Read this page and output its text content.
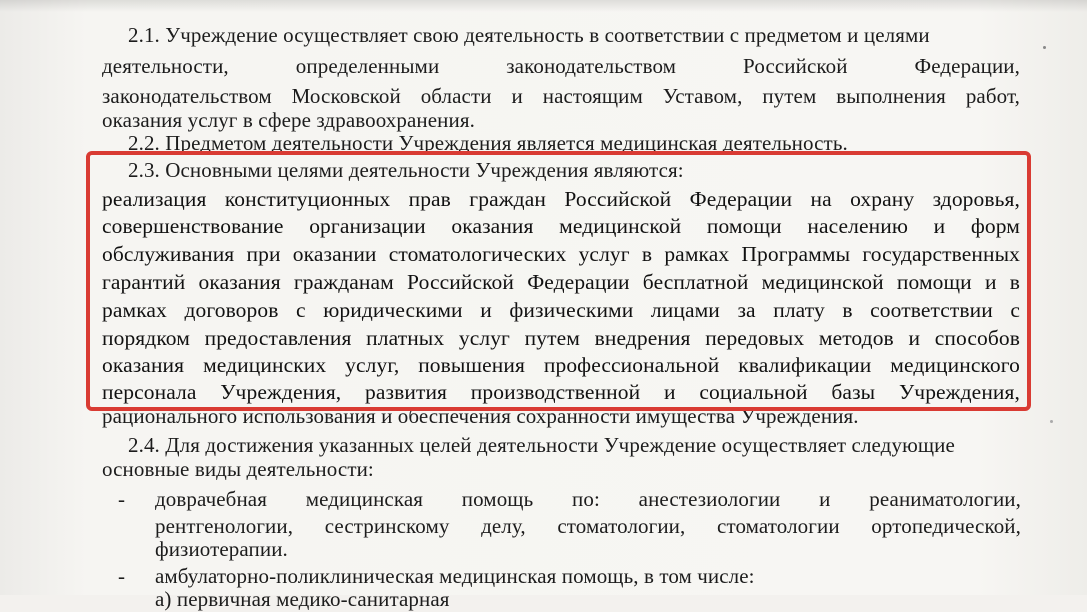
2.1. Учреждение осуществляет свою деятельность в соответствии с предметом и целями
деятельности, определенными законодательством Российской Федерации,
законодательством Московской области и настоящим Уставом, путем выполнения работ,
оказания услуг в сфере здравоохранения.
2.2. Предметом деятельности Учреждения является медицинская деятельность.
2.3. Основными целями деятельности Учреждения являются:
реализация конституционных прав граждан Российской Федерации на охрану здоровья,
совершенствование организации оказания медицинской помощи населению и форм
обслуживания при оказании стоматологических услуг в рамках Программы государственных
гарантий оказания гражданам Российской Федерации бесплатной медицинской помощи и в
рамках договоров с юридическими и физическими лицами за плату в соответствии с
порядком предоставления платных услуг путем внедрения передовых методов и способов
оказания медицинских услуг, повышения профессиональной квалификации медицинского
персонала Учреждения, развития производственной и социальной базы Учреждения,
рационального использования и обеспечения сохранности имущества Учреждения.
2.4. Для достижения указанных целей деятельности Учреждение осуществляет следующие
основные виды деятельности:
- доврачебная медицинская помощь по: анестезиологии и реаниматологии,
рентгенологии, сестринскому делу, стоматологии, стоматологии ортопедической,
физиотерапии.
- амбулаторно-поликлиническая медицинская помощь, в том числе:
а) первичная медико-санитарная
